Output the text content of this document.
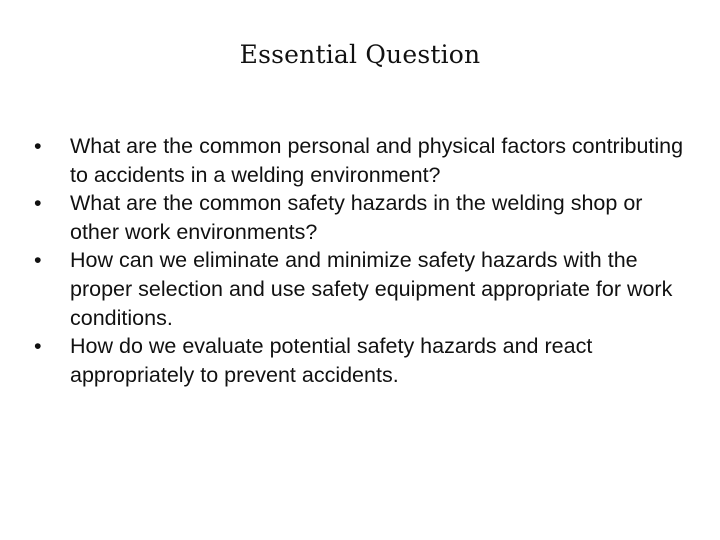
Essential Question
•	What are the common personal and physical factors contributing to accidents in a welding environment?
•	What are the common safety hazards in the welding shop or other work environments?
•	How can we eliminate and minimize safety hazards with the proper selection and use safety equipment appropriate for work conditions.
•	How do we evaluate potential safety hazards and react appropriately to prevent accidents.
